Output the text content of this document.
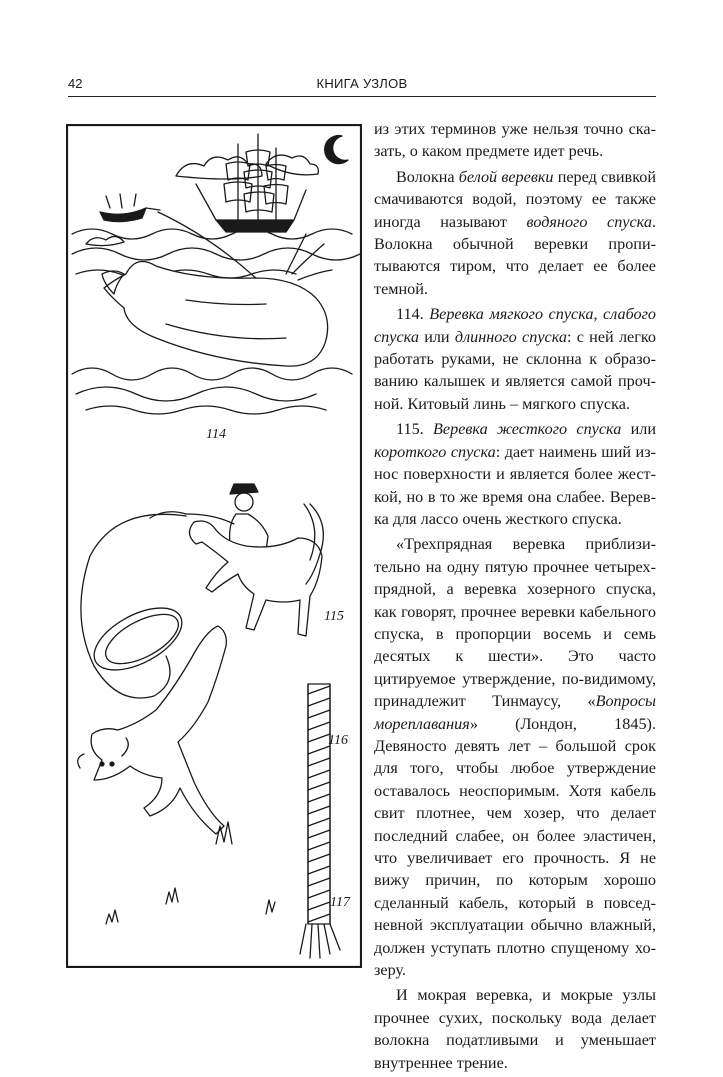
42	КНИГА УЗЛОВ
114
115
116
117

из этих терминов уже нельзя точно сказать, о каком предмете идет речь.

Волокна белой веревки перед свивкой смачиваются водой, поэтому ее также иногда называют водяного спуска. Волокна обычной веревки пропитываются тиром, что делает ее более темной.

114. Веревка мягкого спуска, слабого спуска или длинного спуска: с ней легко работать руками, не склонна к образованию калышек и является самой прочной. Китовый линь – мягкого спуска.

115. Веревка жесткого спуска или короткого спуска: дает наимень ший износ поверхности и является более жесткой, но в то же время она слабее. Веревка для лассо очень жесткого спуска.

«Трехпрядная веревка приблизительно на одну пятую прочнее четырехпрядной, а веревка хозерного спуска, как говорят, прочнее веревки кабельного спуска, в пропорции восемь и семь десятых к шести». Это часто цитируемое утверждение, по-видимому, принадлежит Тинмаусу, «Вопросы мореплавания» (Лондон, 1845). Девяносто девять лет – большой срок для того, чтобы любое утверждение оставалось неоспоримым. Хотя кабель свит плотнее, чем хозер, что делает последний слабее, он более эластичен, что увеличивает его прочность. Я не вижу причин, по которым хорошо сделанный кабель, который в повседневной эксплуатации обычно влажный, должен уступать плотно спущеному хозеру.

И мокрая веревка, и мокрые узлы прочнее сухих, поскольку вода делает волокна податливыми и уменьшает внутреннее трение.
